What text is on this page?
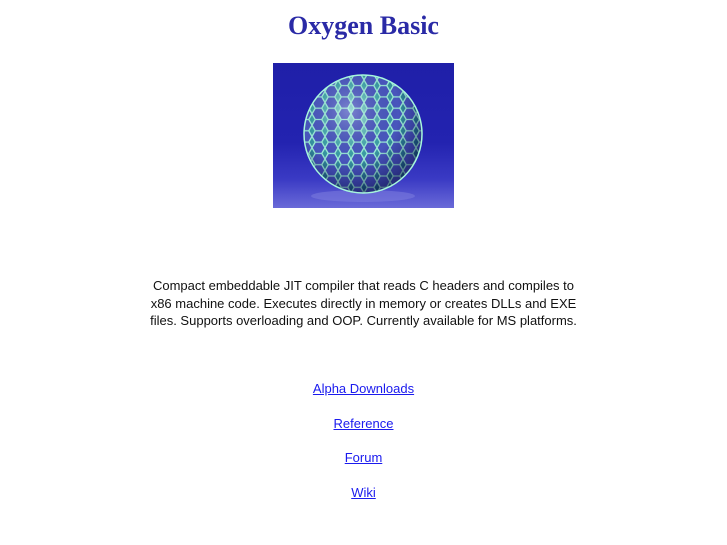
Oxygen Basic

Compact embeddable JIT compiler that reads C headers and compiles to x86 machine code. Executes directly in memory or creates DLLs and EXE files. Supports overloading and OOP. Currently available for MS platforms.

Alpha Downloads
Reference
Forum
Wiki
